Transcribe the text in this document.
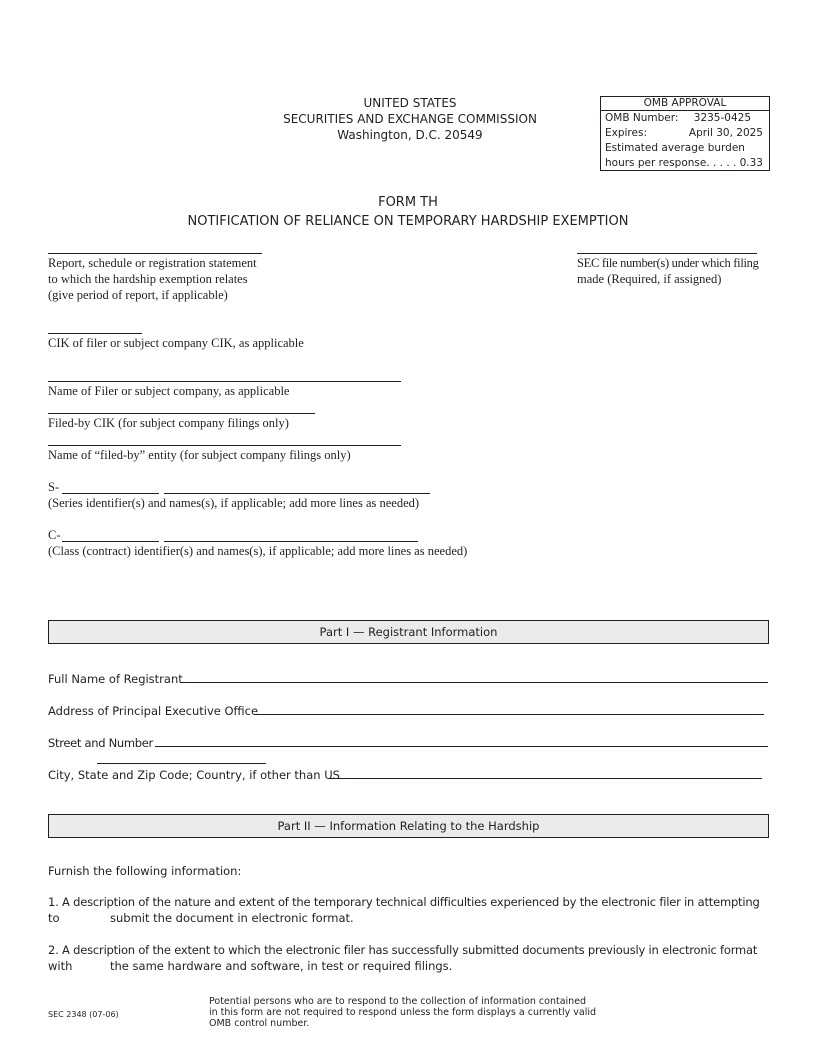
UNITED STATES
SECURITIES AND EXCHANGE COMMISSION
Washington, D.C. 20549
OMB APPROVAL
OMB Number: 3235-0425
Expires:	April 30, 2025
Estimated average burden
hours per response. . . . . 0.33
FORM TH
NOTIFICATION OF RELIANCE ON TEMPORARY HARDSHIP EXEMPTION
Report, schedule or registration statement
to which the hardship exemption relates
(give period of report, if applicable)
SEC file number(s) under which filing
made (Required, if assigned)
CIK of filer or subject company CIK, as applicable
Name of Filer or subject company, as applicable
Filed-by CIK (for subject company filings only)
Name of “filed-by” entity (for subject company filings only)
S-
(Series identifier(s) and names(s), if applicable; add more lines as needed)
C-
(Class (contract) identifier(s) and names(s), if applicable; add more lines as needed)
Part I — Registrant Information
Full Name of Registrant
Address of Principal Executive Office
Street and Number
City, State and Zip Code; Country, if other than US
Part II — Information Relating to the Hardship
Furnish the following information:
1. A description of the nature and extent of the temporary technical difficulties experienced by the electronic filer in attempting
to	submit the document in electronic format.
2. A description of the extent to which the electronic filer has successfully submitted documents previously in electronic format
with	the same hardware and software, in test or required filings.
SEC 2348 (07-06)
Potential persons who are to respond to the collection of information contained
in this form are not required to respond unless the form displays a currently valid
OMB control number.
